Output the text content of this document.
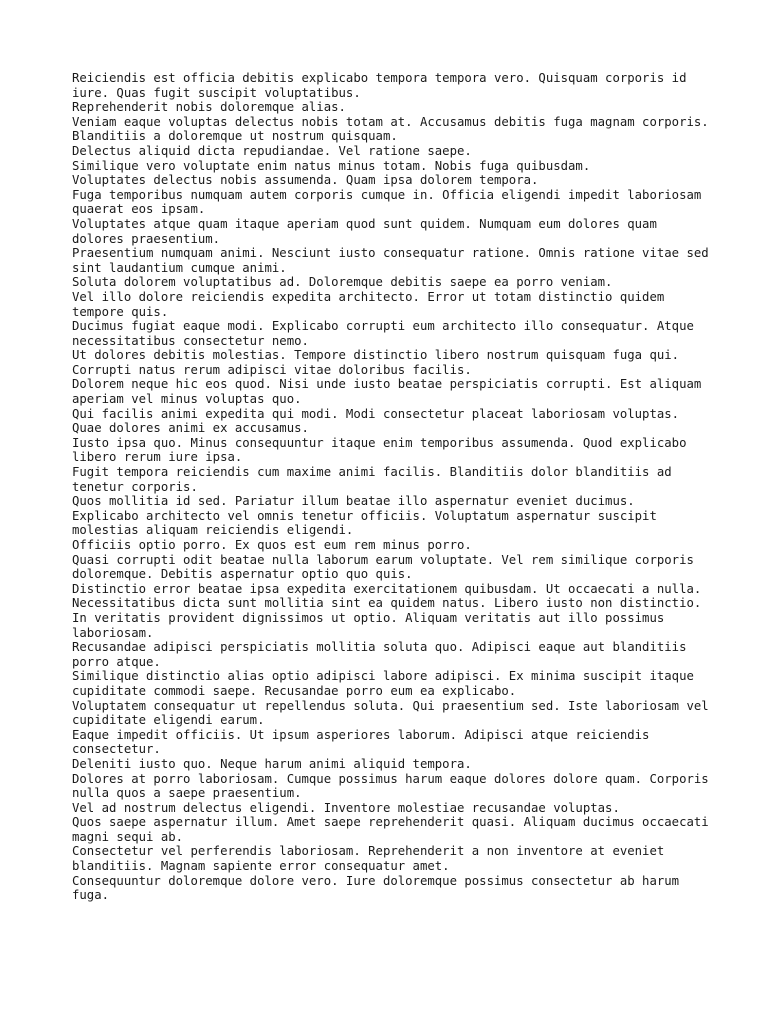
Reiciendis est officia debitis explicabo tempora tempora vero. Quisquam corporis id iure. Quas fugit suscipit voluptatibus.

Reprehenderit nobis doloremque alias.

Veniam eaque voluptas delectus nobis totam at. Accusamus debitis fuga magnam corporis. Blanditiis a doloremque ut nostrum quisquam.

Delectus aliquid dicta repudiandae. Vel ratione saepe.

Similique vero voluptate enim natus minus totam. Nobis fuga quibusdam.

Voluptates delectus nobis assumenda. Quam ipsa dolorem tempora.

Fuga temporibus numquam autem corporis cumque in. Officia eligendi impedit laboriosam quaerat eos ipsam.

Voluptates atque quam itaque aperiam quod sunt quidem. Numquam eum dolores quam dolores praesentium.

Praesentium numquam animi. Nesciunt iusto consequatur ratione. Omnis ratione vitae sed sint laudantium cumque animi.

Soluta dolorem voluptatibus ad. Doloremque debitis saepe ea porro veniam.

Vel illo dolore reiciendis expedita architecto. Error ut totam distinctio quidem tempore quis.

Ducimus fugiat eaque modi. Explicabo corrupti eum architecto illo consequatur. Atque necessitatibus consectetur nemo.

Ut dolores debitis molestias. Tempore distinctio libero nostrum quisquam fuga qui. Corrupti natus rerum adipisci vitae doloribus facilis.

Dolorem neque hic eos quod. Nisi unde iusto beatae perspiciatis corrupti. Est aliquam aperiam vel minus voluptas quo.

Qui facilis animi expedita qui modi. Modi consectetur placeat laboriosam voluptas. Quae dolores animi ex accusamus.

Iusto ipsa quo. Minus consequuntur itaque enim temporibus assumenda. Quod explicabo libero rerum iure ipsa.

Fugit tempora reiciendis cum maxime animi facilis. Blanditiis dolor blanditiis ad tenetur corporis.

Quos mollitia id sed. Pariatur illum beatae illo aspernatur eveniet ducimus.

Explicabo architecto vel omnis tenetur officiis. Voluptatum aspernatur suscipit molestias aliquam reiciendis eligendi.

Officiis optio porro. Ex quos est eum rem minus porro.

Quasi corrupti odit beatae nulla laborum earum voluptate. Vel rem similique corporis doloremque. Debitis aspernatur optio quo quis.

Distinctio error beatae ipsa expedita exercitationem quibusdam. Ut occaecati a nulla. Necessitatibus dicta sunt mollitia sint ea quidem natus. Libero iusto non distinctio.

In veritatis provident dignissimos ut optio. Aliquam veritatis aut illo possimus laboriosam.

Recusandae adipisci perspiciatis mollitia soluta quo. Adipisci eaque aut blanditiis porro atque.

Similique distinctio alias optio adipisci labore adipisci. Ex minima suscipit itaque cupiditate commodi saepe. Recusandae porro eum ea explicabo.

Voluptatem consequatur ut repellendus soluta. Qui praesentium sed. Iste laboriosam vel cupiditate eligendi earum.

Eaque impedit officiis. Ut ipsum asperiores laborum. Adipisci atque reiciendis consectetur.

Deleniti iusto quo. Neque harum animi aliquid tempora.

Dolores at porro laboriosam. Cumque possimus harum eaque dolores dolore quam. Corporis nulla quos a saepe praesentium.

Vel ad nostrum delectus eligendi. Inventore molestiae recusandae voluptas.

Quos saepe aspernatur illum. Amet saepe reprehenderit quasi. Aliquam ducimus occaecati magni sequi ab.

Consectetur vel perferendis laboriosam. Reprehenderit a non inventore at eveniet blanditiis. Magnam sapiente error consequatur amet.

Consequuntur doloremque dolore vero. Iure doloremque possimus consectetur ab harum fuga.
